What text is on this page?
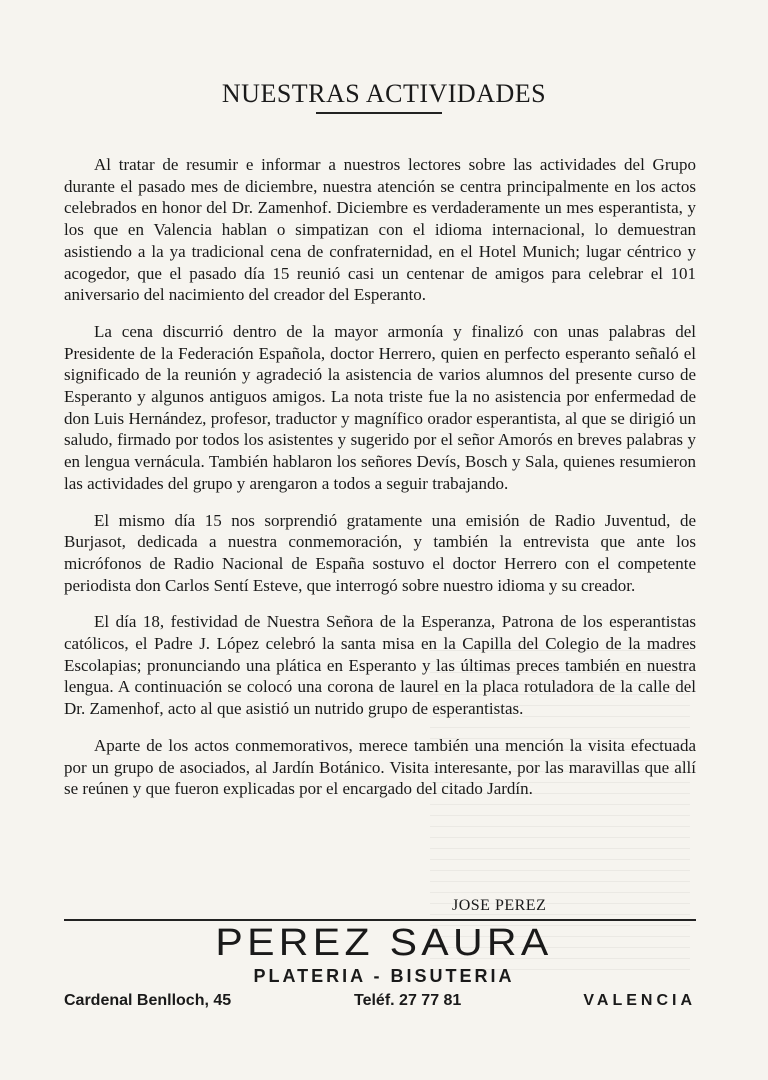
NUESTRAS ACTIVIDADES

Al tratar de resumir e informar a nuestros lectores sobre las actividades del Grupo durante el pasado mes de diciembre, nuestra atención se centra principalmente en los actos celebrados en honor del Dr. Zamenhof. Diciembre es verdaderamente un mes esperantista, y los que en Valencia hablan o simpatizan con el idioma internacional, lo demuestran asistiendo a la ya tradicional cena de confraternidad, en el Hotel Munich; lugar céntrico y acogedor, que el pasado día 15 reunió casi un centenar de amigos para celebrar el 101 aniversario del nacimiento del creador del Esperanto.

La cena discurrió dentro de la mayor armonía y finalizó con unas palabras del Presidente de la Federación Española, doctor Herrero, quien en perfecto esperanto señaló el significado de la reunión y agradeció la asistencia de varios alumnos del presente curso de Esperanto y algunos antiguos amigos. La nota triste fue la no asistencia por enfermedad de don Luis Hernández, profesor, traductor y magnífico orador esperantista, al que se dirigió un saludo, firmado por todos los asistentes y sugerido por el señor Amorós en breves palabras y en lengua vernácula. También hablaron los señores Devís, Bosch y Sala, quienes resumieron las actividades del grupo y arengaron a todos a seguir trabajando.

El mismo día 15 nos sorprendió gratamente una emisión de Radio Juventud, de Burjasot, dedicada a nuestra conmemoración, y también la entrevista que ante los micrófonos de Radio Nacional de España sostuvo el doctor Herrero con el competente periodista don Carlos Sentí Esteve, que interrogó sobre nuestro idioma y su creador.

El día 18, festividad de Nuestra Señora de la Esperanza, Patrona de los esperantistas católicos, el Padre J. López celebró la santa misa en la Capilla del Colegio de la madres Escolapias; pronunciando una plática en Esperanto y las últimas preces también en nuestra lengua. A continuación se colocó una corona de laurel en la placa rotuladora de la calle del Dr. Zamenhof, acto al que asistió un nutrido grupo de esperantistas.

Aparte de los actos conmemorativos, merece también una mención la visita efectuada por un grupo de asociados, al Jardín Botánico. Visita interesante, por las maravillas que allí se reúnen y que fueron explicadas por el encargado del citado Jardín.

JOSE PEREZ
PEREZ SAURA
PLATERIA - BISUTERIA
Cardenal Benlloch, 45	Teléf. 27 77 81	VALENCIA
